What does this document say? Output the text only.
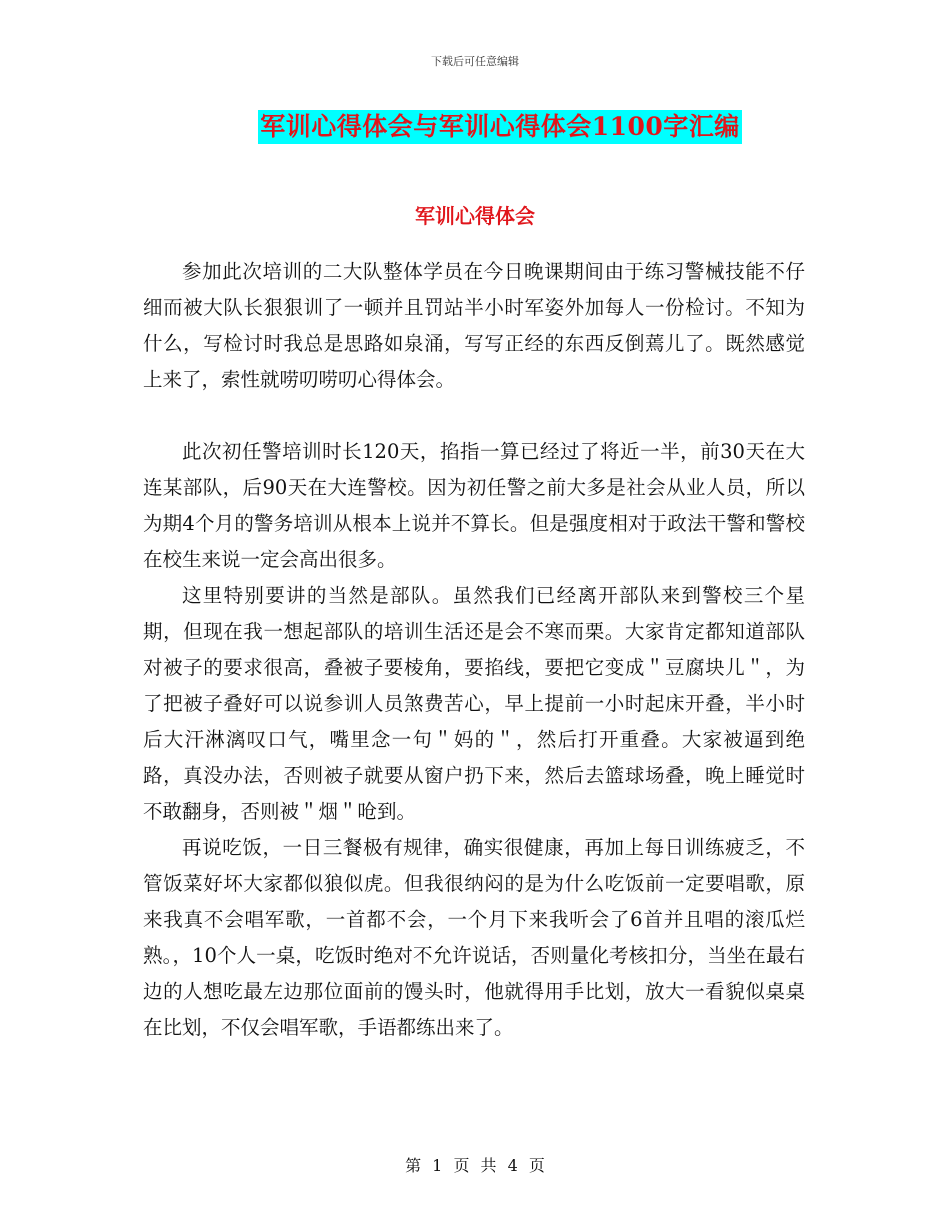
下载后可任意编辑
军训心得体会与军训心得体会1100字汇编
军训心得体会

参加此次培训的二大队整体学员在今日晚课期间由于练习警械技能不仔细而被大队长狠狠训了一顿并且罚站半小时军姿外加每人一份检讨。不知为什么，写检讨时我总是思路如泉涌，写写正经的东西反倒蔫儿了。既然感觉上来了，索性就唠叨唠叨心得体会。

此次初任警培训时长120天，掐指一算已经过了将近一半，前30天在大连某部队，后90天在大连警校。因为初任警之前大多是社会从业人员，所以为期4个月的警务培训从根本上说并不算长。但是强度相对于政法干警和警校在校生来说一定会高出很多。

这里特别要讲的当然是部队。虽然我们已经离开部队来到警校三个星期，但现在我一想起部队的培训生活还是会不寒而栗。大家肯定都知道部队对被子的要求很高，叠被子要棱角，要掐线，要把它变成＂豆腐块儿＂，为了把被子叠好可以说参训人员煞费苦心，早上提前一小时起床开叠，半小时后大汗淋漓叹口气，嘴里念一句＂妈的＂，然后打开重叠。大家被逼到绝路，真没办法，否则被子就要从窗户扔下来，然后去篮球场叠，晚上睡觉时不敢翻身，否则被＂烟＂呛到。

再说吃饭，一日三餐极有规律，确实很健康，再加上每日训练疲乏，不管饭菜好坏大家都似狼似虎。但我很纳闷的是为什么吃饭前一定要唱歌，原来我真不会唱军歌，一首都不会，一个月下来我听会了6首并且唱的滚瓜烂熟。，10个人一桌，吃饭时绝对不允许说话，否则量化考核扣分，当坐在最右边的人想吃最左边那位面前的馒头时，他就得用手比划，放大一看貌似桌桌在比划，不仅会唱军歌，手语都练出来了。

第 1 页 共 4 页
